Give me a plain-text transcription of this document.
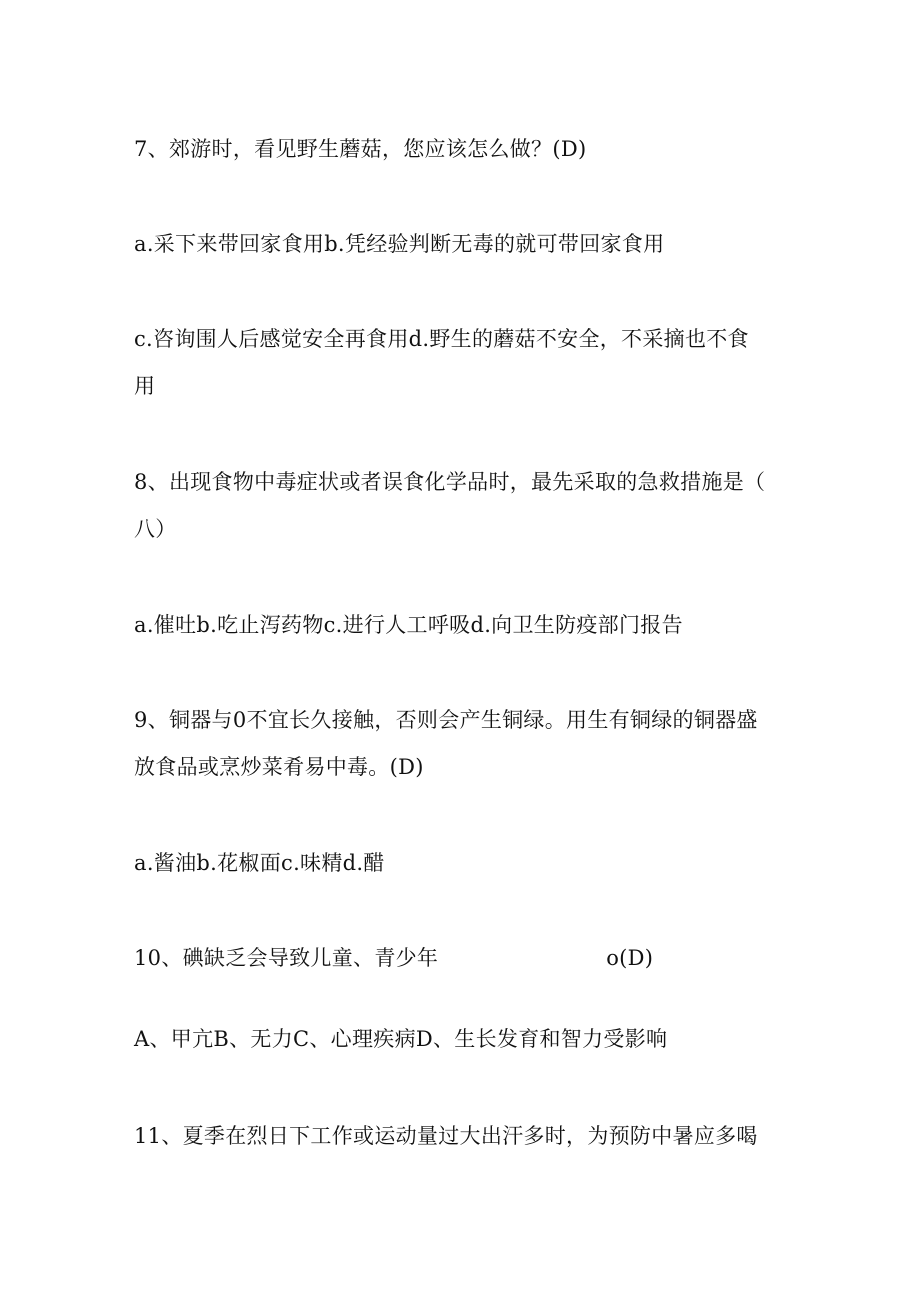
7、郊游时，看见野生蘑菇，您应该怎么做？(D)
a.采下来带回家食用b.凭经验判断无毒的就可带回家食用
c.咨询围人后感觉安全再食用d.野生的蘑菇不安全，不采摘也不食
用
8、出现食物中毒症状或者误食化学品时，最先采取的急救措施是（
八）
a.催吐b.吃止泻药物c.进行人工呼吸d.向卫生防疫部门报告
9、铜器与0不宜长久接触，否则会产生铜绿。用生有铜绿的铜器盛
放食品或烹炒菜肴易中毒。(D)
a.酱油b.花椒面c.味精d.醋
10、碘缺乏会导致儿童、青少年	o(D)
A、甲亢B、无力C、心理疾病D、生长发育和智力受影响
11、夏季在烈日下工作或运动量过大出汗多时，为预防中暑应多喝
